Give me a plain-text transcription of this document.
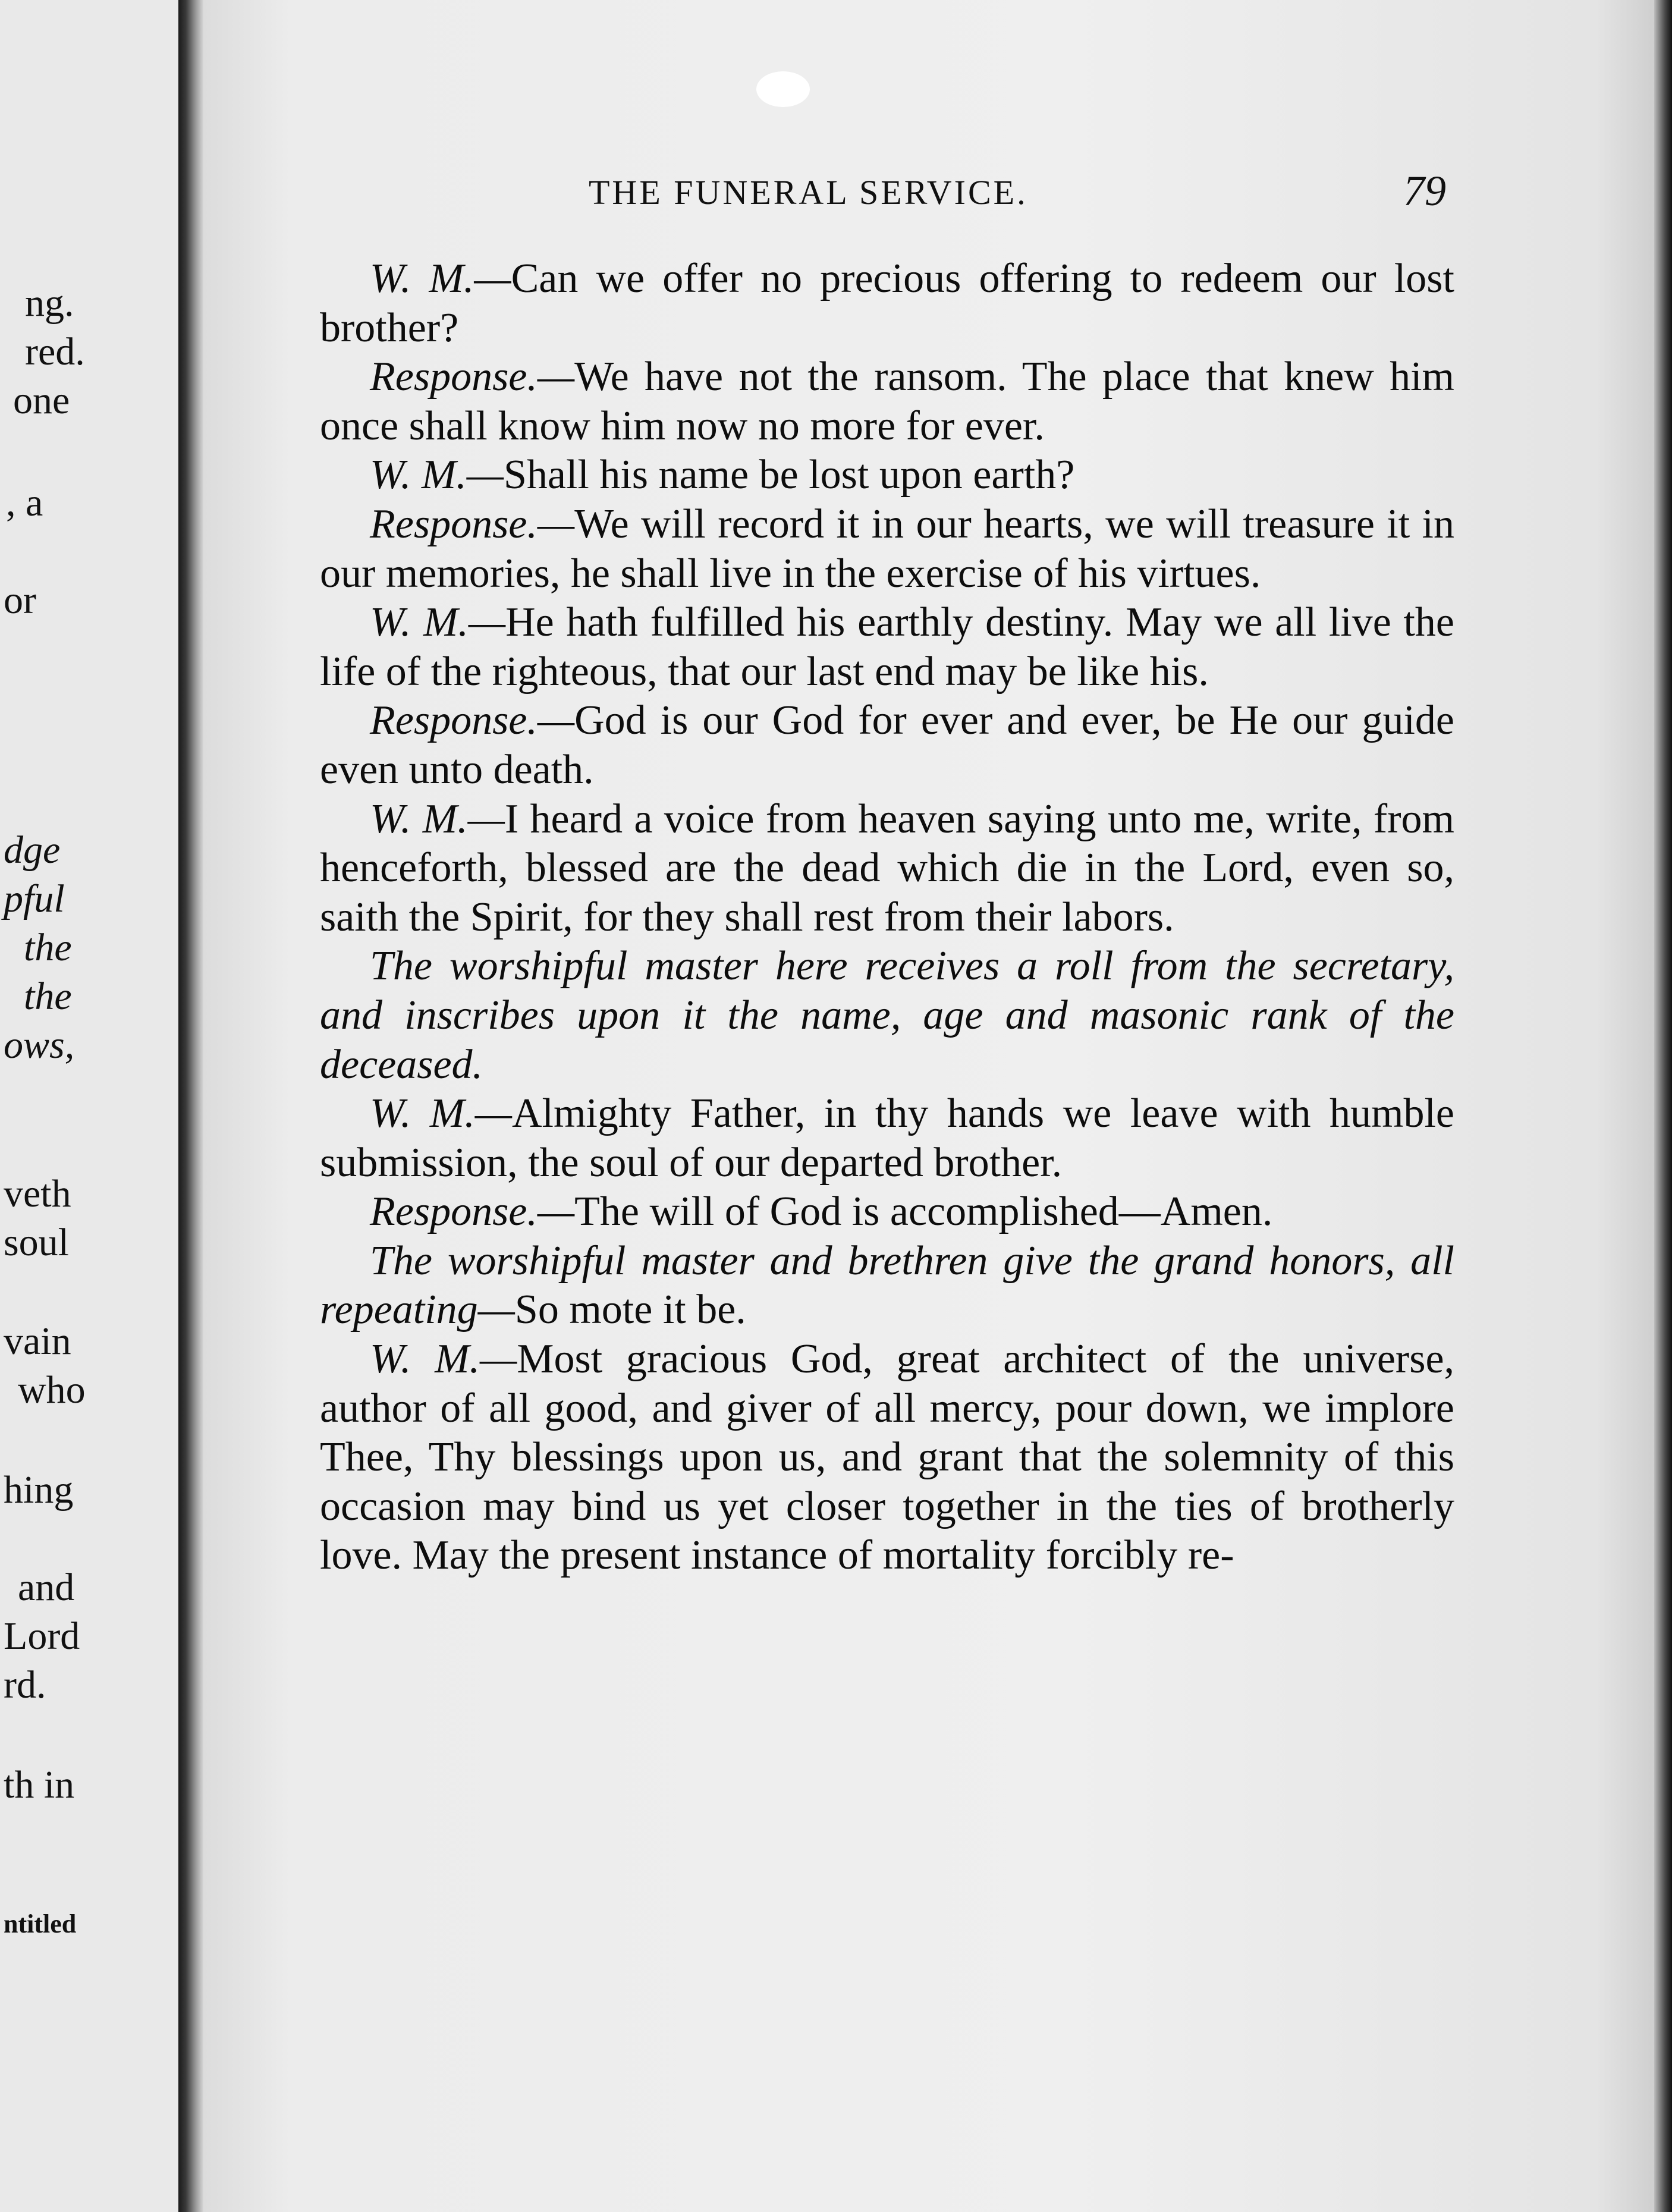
ng.
red.
one
, a
or
dge
pful
the
the
ows,
veth
soul
vain
who
hing
and
Lord
rd.
th in
ntitled
THE FUNERAL SERVICE.	79

W. M.—Can we offer no precious offering to redeem our lost brother?

Response.—We have not the ransom. The place that knew him once shall know him now no more for ever.

W. M.—Shall his name be lost upon earth?

Response.—We will record it in our hearts, we will treasure it in our memories, he shall live in the exercise of his virtues.

W. M.—He hath fulfilled his earthly destiny. May we all live the life of the righteous, that our last end may be like his.

Response.—God is our God for ever and ever, be He our guide even unto death.

W. M.—I heard a voice from heaven saying unto me, write, from henceforth, blessed are the dead which die in the Lord, even so, saith the Spirit, for they shall rest from their labors.

The worshipful master here receives a roll from the secretary, and inscribes upon it the name, age and masonic rank of the deceased.

W. M.—Almighty Father, in thy hands we leave with humble submission, the soul of our departed brother.

Response.—The will of God is accomplished—Amen.

The worshipful master and brethren give the grand honors, all repeating—So mote it be.

W. M.—Most gracious God, great architect of the universe, author of all good, and giver of all mercy, pour down, we implore Thee, Thy blessings upon us, and grant that the solemnity of this occasion may bind us yet closer together in the ties of brotherly love. May the present instance of mortality forcibly re-
